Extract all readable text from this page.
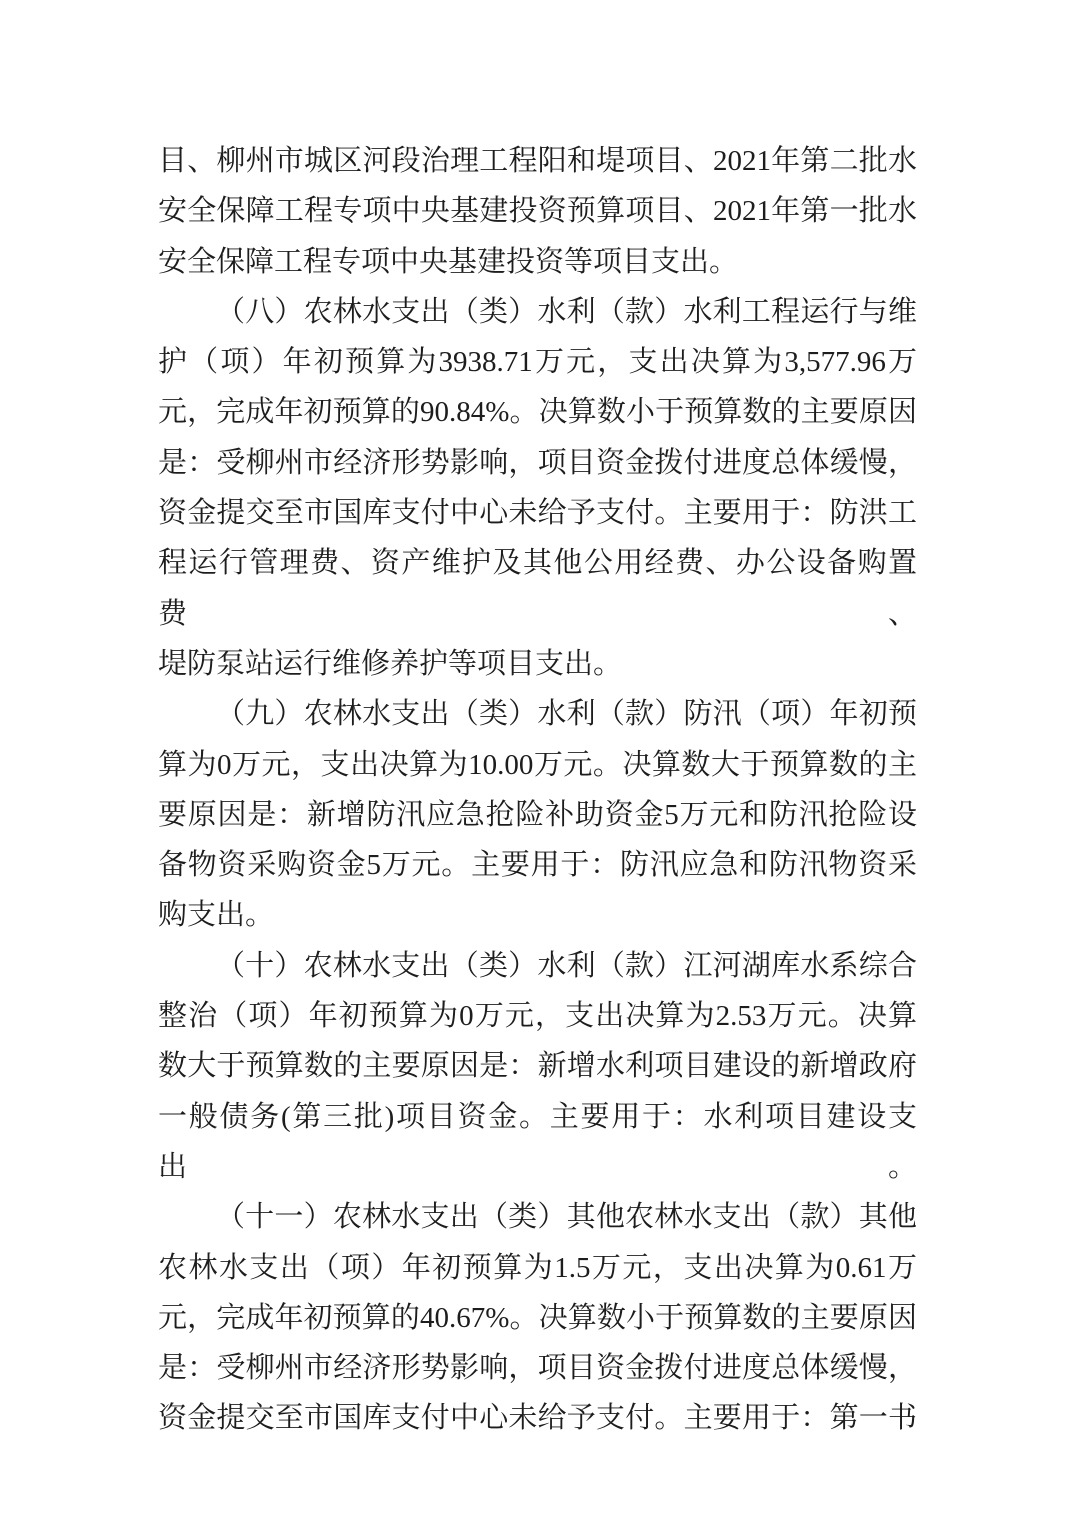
目、柳州市城区河段治理工程阳和堤项目、2021年第二批水
安全保障工程专项中央基建投资预算项目、2021年第一批水
安全保障工程专项中央基建投资等项目支出。
（八）农林水支出（类）水利（款）水利工程运行与维
护（项）年初预算为3938.71万元，支出决算为3,577.96万
元，完成年初预算的90.84%。决算数小于预算数的主要原因
是：受柳州市经济形势影响，项目资金拨付进度总体缓慢，
资金提交至市国库支付中心未给予支付。主要用于：防洪工
程运行管理费、资产维护及其他公用经费、办公设备购置费、
堤防泵站运行维修养护等项目支出。
（九）农林水支出（类）水利（款）防汛（项）年初预
算为0万元，支出决算为10.00万元。决算数大于预算数的主
要原因是：新增防汛应急抢险补助资金5万元和防汛抢险设
备物资采购资金5万元。主要用于：防汛应急和防汛物资采
购支出。
（十）农林水支出（类）水利（款）江河湖库水系综合
整治（项）年初预算为0万元，支出决算为2.53万元。决算
数大于预算数的主要原因是：新增水利项目建设的新增政府
一般债务(第三批)项目资金。主要用于：水利项目建设支出。
（十一）农林水支出（类）其他农林水支出（款）其他
农林水支出（项）年初预算为1.5万元，支出决算为0.61万
元，完成年初预算的40.67%。决算数小于预算数的主要原因
是：受柳州市经济形势影响，项目资金拨付进度总体缓慢，
资金提交至市国库支付中心未给予支付。主要用于：第一书
